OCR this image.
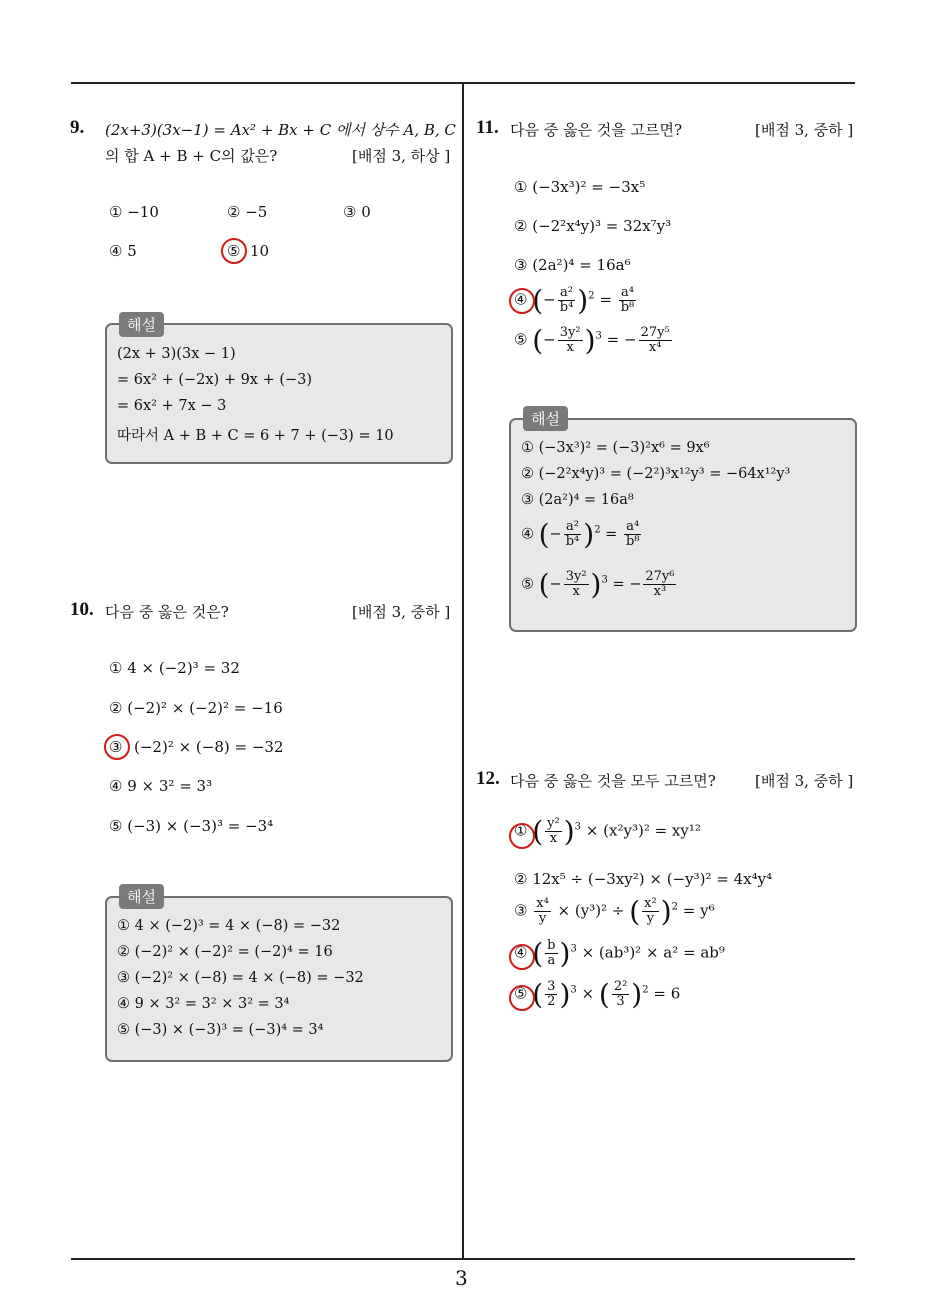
3
9. (2x+3)(3x−1) = Ax² + Bx + C 에서 상수 A, B, C
의 합 A + B + C의 값은?	[배점 3, 하상 ]
① −10	② −5	③ 0
④ 5	⑤ 10
해설
(2x + 3)(3x − 1)
= 6x² + (−2x) + 9x + (−3)
= 6x² + 7x − 3
따라서 A + B + C = 6 + 7 + (−3) = 10
10. 다음 중 옳은 것은?	[배점 3, 중하 ]
① 4 × (−2)³ = 32
② (−2)² × (−2)² = −16
③ (−2)² × (−8) = −32
④ 9 × 3² = 3³
⑤ (−3) × (−3)³ = −3⁴
해설
① 4 × (−2)³ = 4 × (−8) = −32
② (−2)² × (−2)² = (−2)⁴ = 16
③ (−2)² × (−8) = 4 × (−8) = −32
④ 9 × 3² = 3² × 3² = 3⁴
⑤ (−3) × (−3)³ = (−3)⁴ = 3⁴
11. 다음 중 옳은 것을 고르면?	[배점 3, 중하 ]
① (−3x³)² = −3x⁵
② (−2²x⁴y)³ = 32x⁷y³
③ (2a²)⁴ = 16a⁶
④ (− $\frac{\text{a²}}{\text{b⁴}} )^2 = \frac{\text{a⁴}}{\text{b⁸}}$
⑤ (− $\frac{\text{3y²}}{x} )^3$ = − $\frac{\text{27y⁵}}{\text{x⁴}}$
해설
① (−3x³)² = (−3)²x⁶ = 9x⁶
② (−2²x⁴y)³ = (−2²)³x¹²y³ = −64x¹²y³
③ (2a²)⁴ = 16a⁸
④ (− $\frac{\text{a²}}{\text{b⁴}} )^2 = \frac{\text{a⁴}}{\text{b⁸}}$
⑤ (− $\frac{\text{3y²}}{x} )^3$ = − $\frac{\text{27y⁶}}{\text{x³}}$
12. 다음 중 옳은 것을 모두 고르면?	[배점 3, 중하 ]
① ( $\frac{\text{y²}}{x} )^3 \times (x^2y^3)^2 = xy^{12}$
② 12x⁵ ÷ (−3xy²) × (−y³)² = 4x⁴y⁴
③ $\frac{\text{x⁴}}{y} \times (y^3)^2$ ÷ ( $\frac{\text{x²}}{y} )^2 = y^6$
④ ( $\frac{b}{a} )^3 \times (ab^3)^2 \times a^2 = ab^9$
⑤ ( $\frac{3}{2} )^3$ × ( $\frac{\text{2²}}{3} )^2 = 6$
